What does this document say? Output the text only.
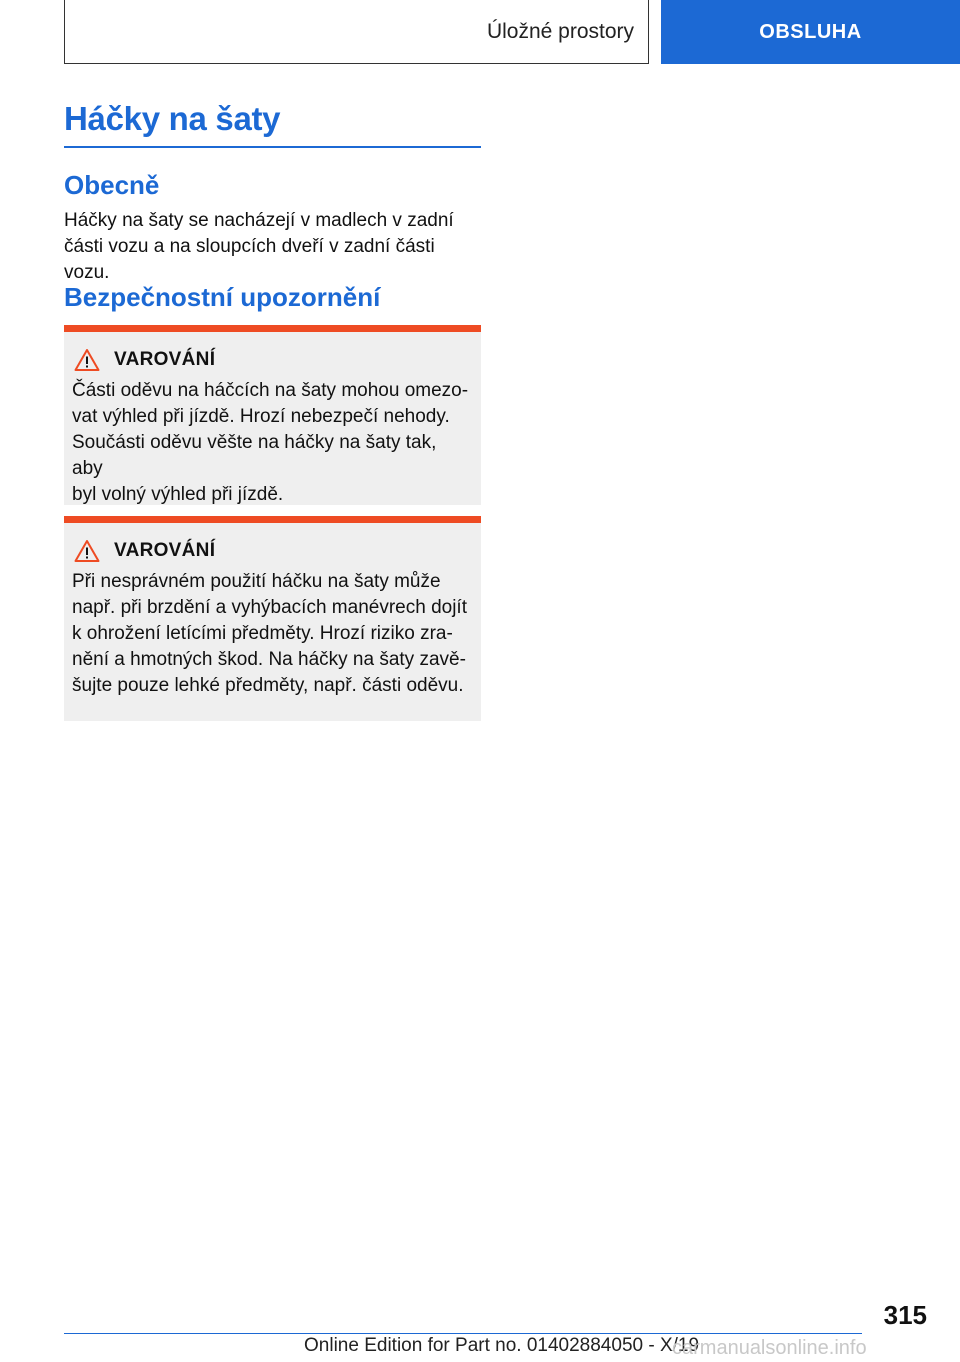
Úložné prostory	OBSLUHA
Háčky na šaty
Obecně

Háčky na šaty se nacházejí v madlech v zadní
části vozu a na sloupcích dveří v zadní části vozu.

Bezpečnostní upozornění
VAROVÁNÍ

Části oděvu na háčcích na šaty mohou omezo-
vat výhled při jízdě. Hrozí nebezpečí nehody.
Součásti oděvu věšte na háčky na šaty tak, aby
byl volný výhled při jízdě.

VAROVÁNÍ

Při nesprávném použití háčku na šaty může
např. při brzdění a vyhýbacích manévrech dojít
k ohrožení letícími předměty. Hrozí riziko zra-
nění a hmotných škod. Na háčky na šaty zavě-
šujte pouze lehké předměty, např. části oděvu.

315
Online Edition for Part no. 01402884050 - X/19
carmanualsonline.info
